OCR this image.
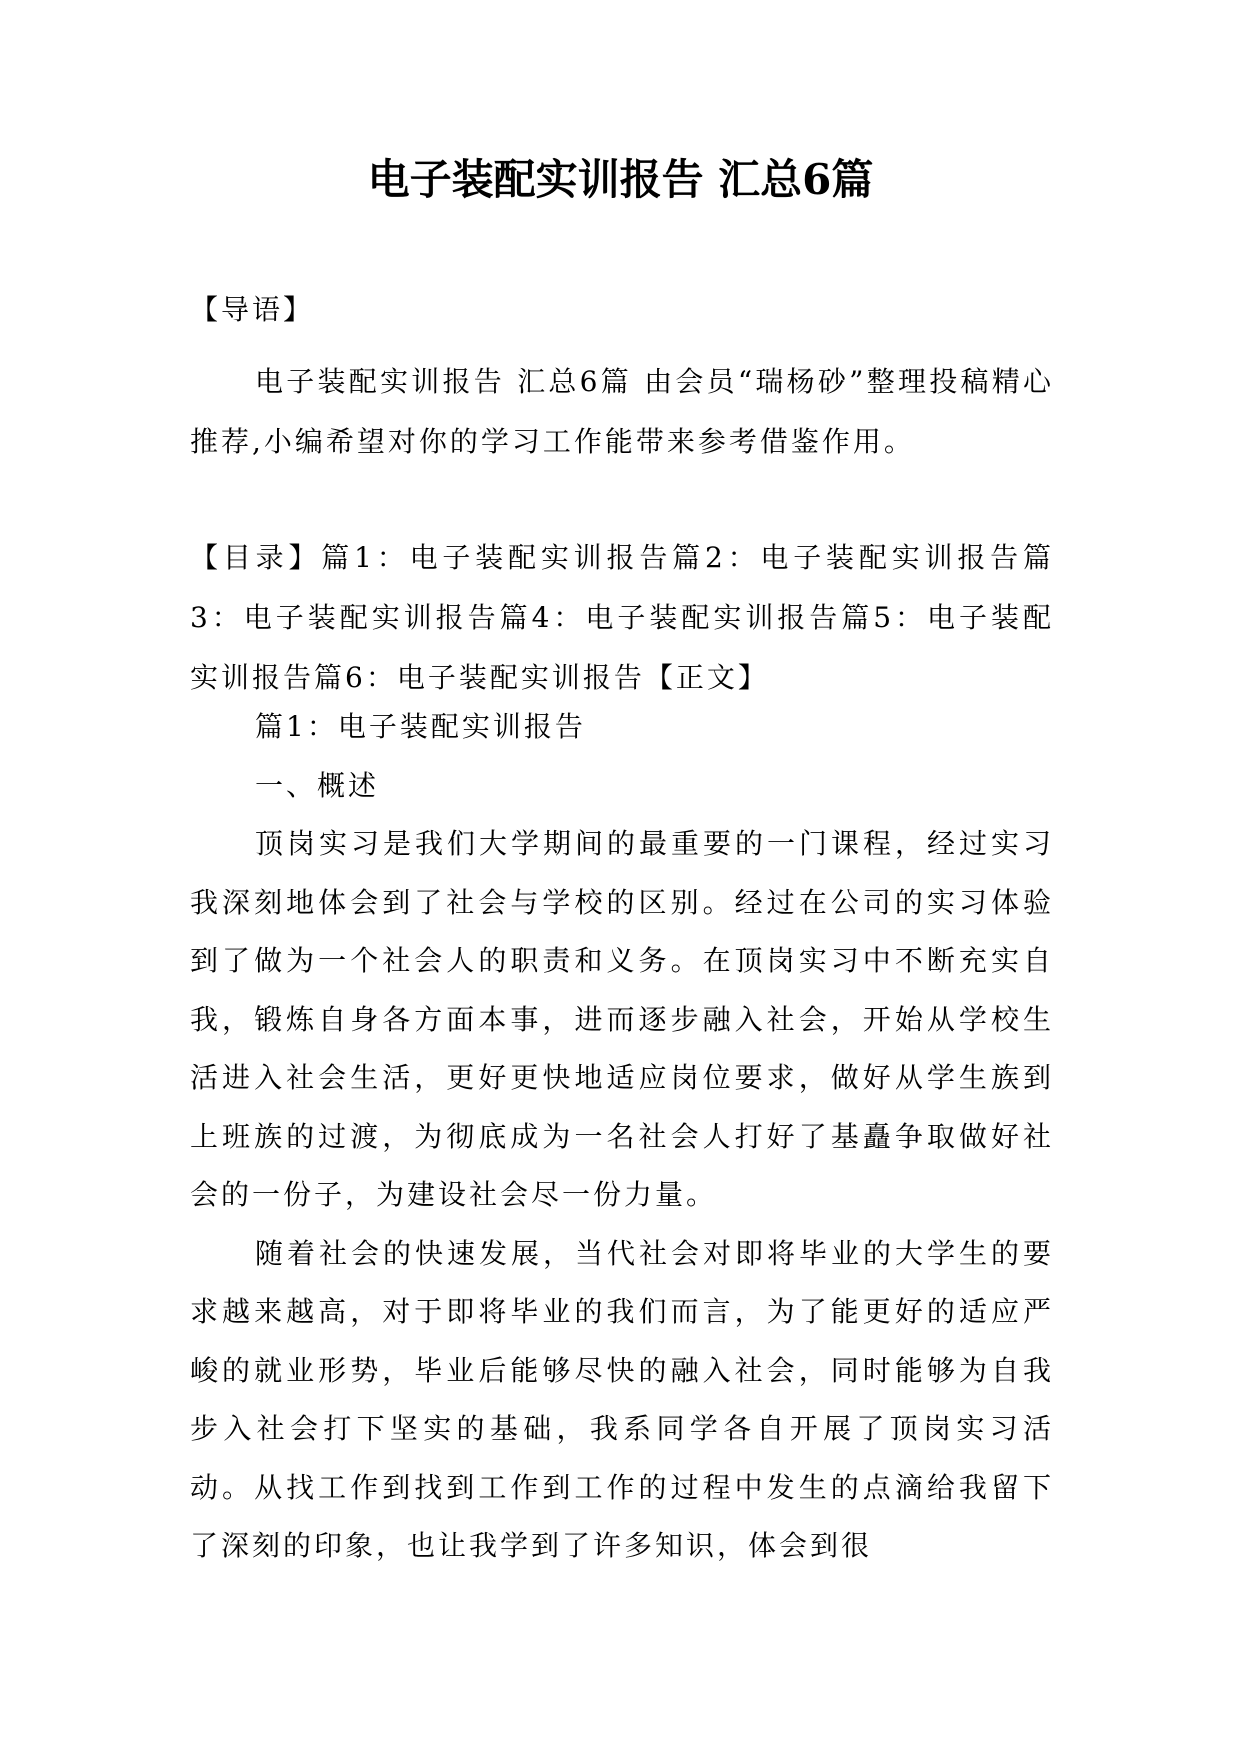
电子装配实训报告 汇总6篇

【导语】

电子装配实训报告 汇总6篇 由会员“瑞杨砂”整理投稿精心推荐,小编希望对你的学习工作能带来参考借鉴作用。

【目录】篇1：电子装配实训报告篇2：电子装配实训报告篇3：电子装配实训报告篇4：电子装配实训报告篇5：电子装配实训报告篇6：电子装配实训报告【正文】

篇1：电子装配实训报告

一、概述

顶岗实习是我们大学期间的最重要的一门课程，经过实习我深刻地体会到了社会与学校的区别。经过在公司的实习体验到了做为一个社会人的职责和义务。在顶岗实习中不断充实自我，锻炼自身各方面本事，进而逐步融入社会，开始从学校生活进入社会生活，更好更快地适应岗位要求，做好从学生族到上班族的过渡，为彻底成为一名社会人打好了基矗争取做好社会的一份子，为建设社会尽一份力量。

随着社会的快速发展，当代社会对即将毕业的大学生的要求越来越高，对于即将毕业的我们而言，为了能更好的适应严峻的就业形势，毕业后能够尽快的融入社会，同时能够为自我步入社会打下坚实的基础，我系同学各自开展了顶岗实习活动。从找工作到找到工作到工作的过程中发生的点滴给我留下了深刻的印象，也让我学到了许多知识，体会到很
